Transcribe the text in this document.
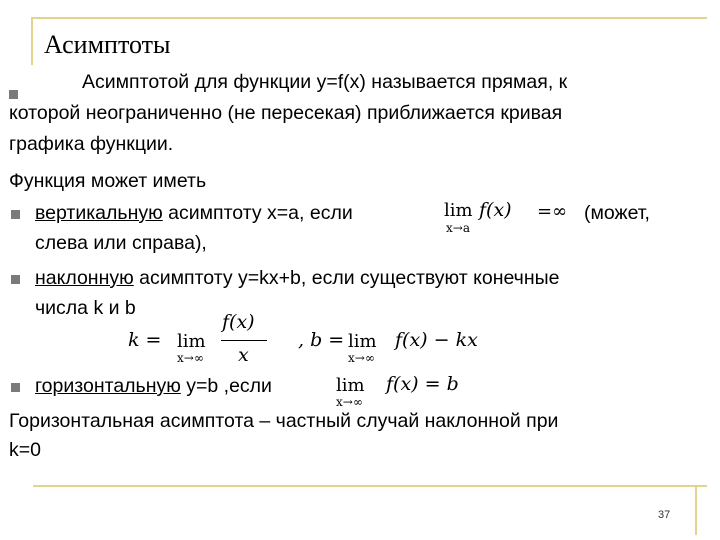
Асимптоты
Асимптотой для функции y=f(x) называется прямая, к
которой неограниченно (не пересекая) приближается кривая
графика функции.
Функция может иметь
вертикальную асимптоту x=a, если	lim
x→a
f(x) =∞ (может,
слева или справа),
наклонную асимптоту y=kx+b, если существуют конечные
числа k и b
k = lim
x→∞
f(x)
x
, b = lim
x→∞
f(x) − kx
горизонтальную y=b ,если	lim
x→∞
f(x) = b
Горизонтальная асимптота – частный случай наклонной при
k=0
37
